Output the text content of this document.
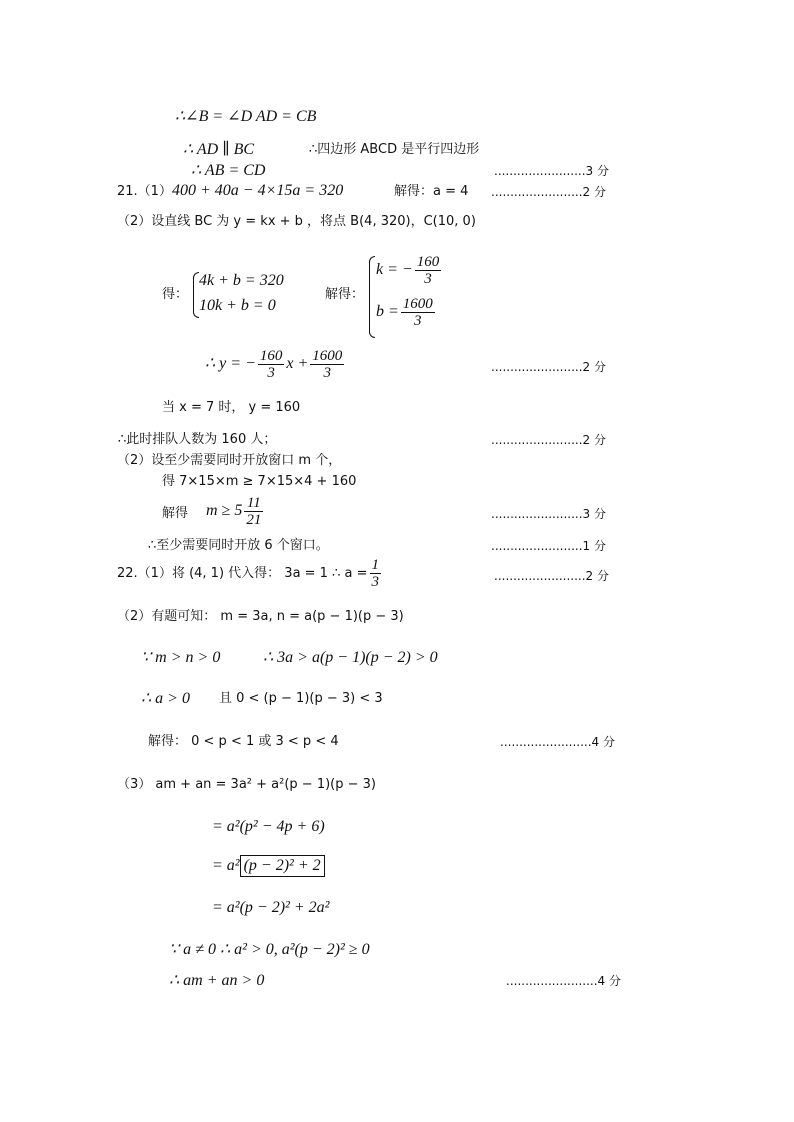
∴∠B = ∠D AD = CB
∴ AD ∥ BC	∴四边形 ABCD 是平行四边形
∴ AB = CD	........................3 分
21.（1） 400 + 40a − 4×15a = 320	解得：a = 4 ........................2 分
（2）设直线 BC 为 y = kx + b ，将点 B(4, 320)，C(10, 0)
得：
4k + b = 320
10k + b = 0
解得：
k = − $\frac{160}{3}$
$b = \frac{1600}{3}$
∴ y = − $\frac{160}{3}$ $x + \frac{1600}{3}$	........................2 分
当 x = 7 时， y = 160
∴此时排队人数为 160 人；	........................2 分
（2）设至少需要同时开放窗口 m 个，
得 7×15×m ≥ 7×15×4 + 160
解得 $m \ge 5 \frac{11}{21}$	........................3 分
∴至少需要同时开放 6 个窗口。	........................1 分
22.（1）将 (4, 1) 代入得： 3a = 1 ∴ $a = \frac{1}{3}$	........................2 分
（2）有题可知： m = 3a, n = a(p − 1)(p − 3)
∵ m > n > 0	∴ 3a > a(p − 1)(p − 2) > 0
∴ a > 0 且 0 < (p − 1)(p − 3) < 3
解得： 0 < p < 1 或 3 < p < 4	........................4 分
（3） am + an = 3a² + a²(p − 1)(p − 3)
= a²(p² − 4p + 6)
= a² (p − 2)² + 2
= a²(p − 2)² + 2a²
∵ a ≠ 0 ∴ a² > 0, a²(p − 2)² ≥ 0
∴ am + an > 0	........................4 分
